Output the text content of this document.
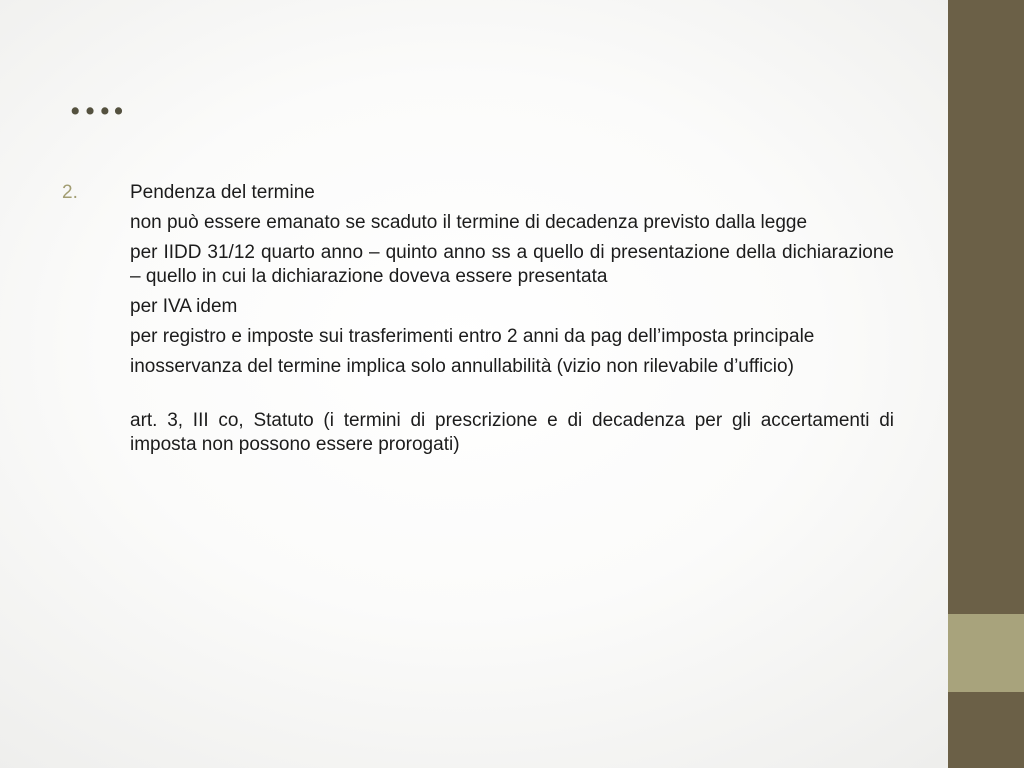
….
2.	Pendenza del termine
non può essere emanato se scaduto il termine di decadenza previsto dalla legge
per IIDD 31/12 quarto anno – quinto anno ss a quello di presentazione della dichiarazione – quello in cui la dichiarazione doveva essere presentata
per IVA idem
per registro e imposte sui trasferimenti entro 2 anni da pag dell’imposta principale
inosservanza del termine implica solo annullabilità (vizio non rilevabile d’ufficio)
art. 3, III co, Statuto (i termini di prescrizione e di decadenza per gli accertamenti di imposta non possono essere prorogati)
